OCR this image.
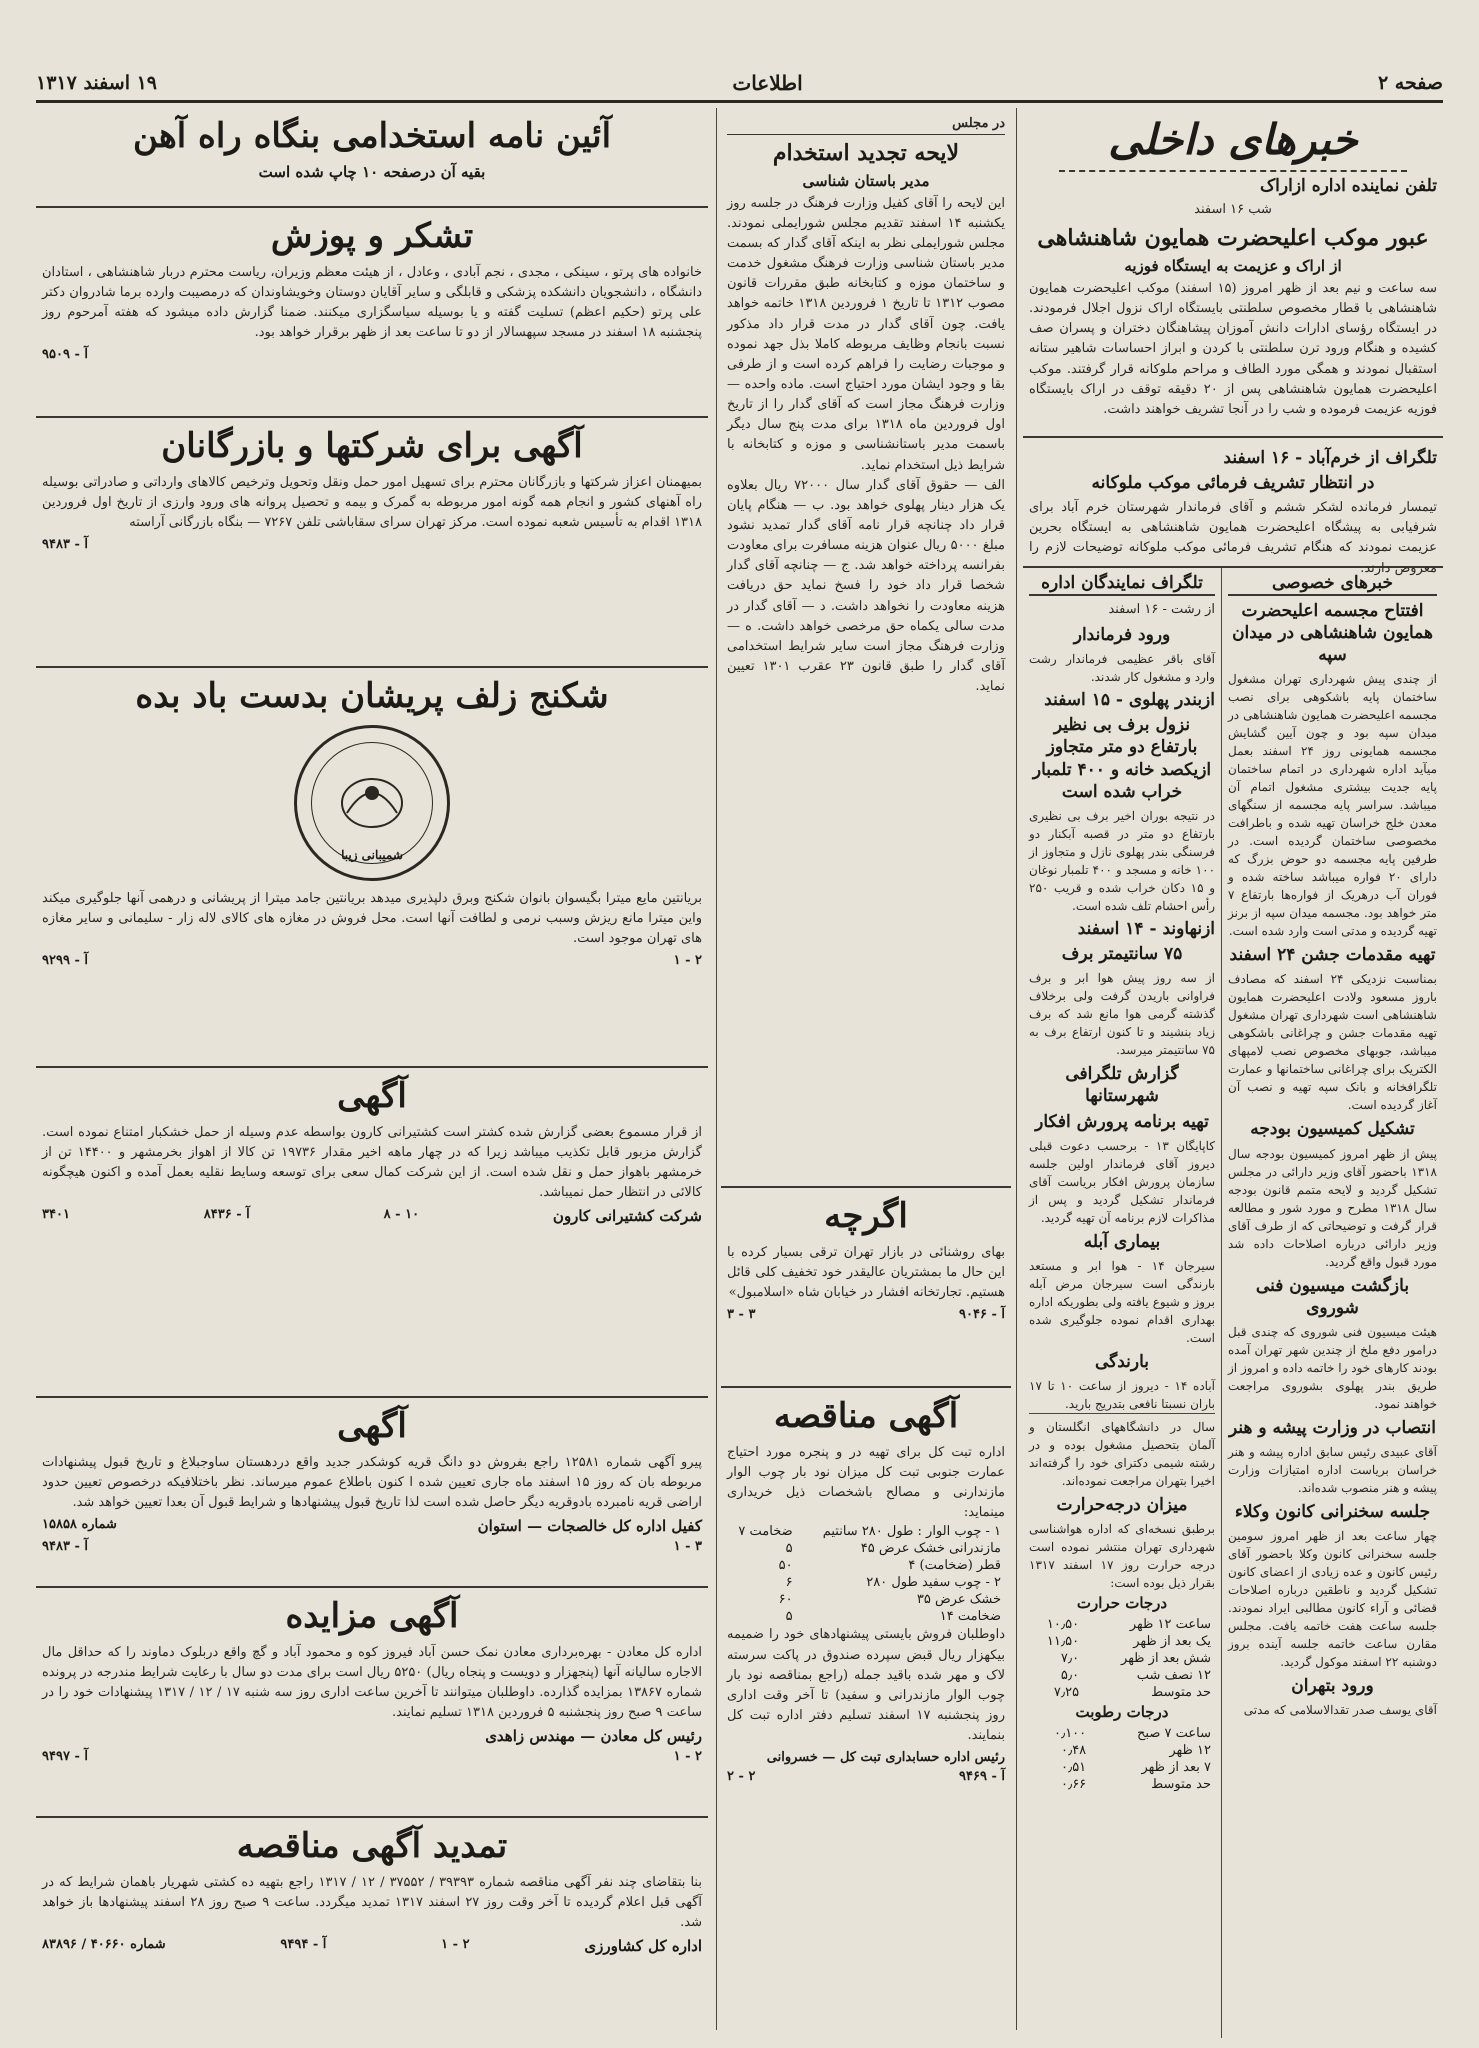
صفحه ۲
اطلاعات
۱۹ اسفند ۱۳۱۷
خبرهای داخلی
تلفن نماینده اداره ازاراک
شب ۱۶ اسفند
عبور موکب اعلیحضرت همایون شاهنشاهی
از اراک و عزیمت به ایستگاه فوزیه

سه ساعت و نیم بعد از ظهر امروز (۱۵ اسفند) موکب اعلیحضرت همایون شاهنشاهی با قطار مخصوص سلطنتی بایستگاه اراک نزول اجلال فرمودند. در ایستگاه رؤسای ادارات دانش آموزان پیشاهنگان دختران و پسران صف کشیده و هنگام ورود ترن سلطنتی با کردن و ابراز احساسات شاهیر ستانه استقبال نمودند و همگی مورد الطاف و مراحم ملوکانه قرار گرفتند. موکب اعلیحضرت همایون شاهنشاهی پس از ۲۰ دقیقه توقف در اراک بایستگاه فوزیه عزیمت فرموده و شب را در آنجا تشریف خواهند داشت.

تلگراف از خرم‌آباد - ۱۶ اسفند
در انتظار تشریف فرمائی موکب ملوکانه

تیمسار فرمانده لشکر ششم و آقای فرماندار شهرستان خرم آباد برای شرفیابی به پیشگاه اعلیحضرت همایون شاهنشاهی به ایستگاه بحرین عزیمت نمودند که هنگام تشریف فرمائی موکب ملوکانه توضیحات لازم را معروض دارند.

خبرهای خصوصی
افتتاح مجسمه اعلیحضرت همایون شاهنشاهی در میدان سپه

از چندی پیش شهرداری تهران مشغول ساختمان پایه باشکوهی برای نصب مجسمه اعلیحضرت همایون شاهنشاهی در میدان سپه بود و چون آیین گشایش مجسمه همایونی روز ۲۴ اسفند بعمل میآید اداره شهرداری در اتمام ساختمان پایه جدیت بیشتری مشغول اتمام آن میباشد. سراسر پایه مجسمه از سنگهای معدن خلج خراسان تهیه شده و باطرافت مخصوصی ساختمان گردیده است. در طرفین پایه مجسمه دو حوض بزرگ که دارای ۲۰ فواره میباشد ساخته شده و فوران آب درهریک از فواره‌ها بارتفاع ۷ متر خواهد بود. مجسمه میدان سپه از برنز تهیه گردیده و مدتی است وارد شده است.

تهیه مقدمات جشن ۲۴ اسفند

بمناسبت نزدیکی ۲۴ اسفند که مصادف باروز مسعود ولادت اعلیحضرت همایون شاهنشاهی است شهرداری تهران مشغول تهیه مقدمات جشن و چراغانی باشکوهی میباشد، جوبهای مخصوص نصب لامپهای الکتریک برای چراغانی ساختمانها و عمارت تلگرافخانه و بانک سپه تهیه و نصب آن آغاز گردیده است.

تشکیل کمیسیون بودجه

پیش از ظهر امروز کمیسیون بودجه سال ۱۳۱۸ باحضور آقای وزیر دارائی در مجلس تشکیل گردید و لایحه متمم قانون بودجه سال ۱۳۱۸ مطرح و مورد شور و مطالعه قرار گرفت و توضیحاتی که از طرف آقای وزیر دارائی درباره اصلاحات داده شد مورد قبول واقع گردید.

بازگشت میسیون فنی شوروی

هیئت میسیون فنی شوروی که چندی قبل درامور دفع ملخ از چندین شهر تهران آمده بودند کارهای خود را خاتمه داده و امروز از طریق بندر پهلوی بشوروی مراجعت خواهند نمود.

انتصاب در وزارت پیشه و هنر

آقای عبیدی رئیس سابق اداره پیشه و هنر خراسان بریاست اداره امتیازات وزارت پیشه و هنر منصوب شده‌اند.

جلسه سخنرانی کانون وکلاء

چهار ساعت بعد از ظهر امروز سومین جلسه سخنرانی کانون وکلا باحضور آقای رئیس کانون و عده زیادی از اعضای کانون تشکیل گردید و ناطقین درباره اصلاحات قضائی و آراء کانون مطالبی ایراد نمودند. جلسه ساعت هفت خاتمه یافت. مجلس مقارن ساعت خاتمه جلسه آینده بروز دوشنبه ۲۲ اسفند موکول گردید.

ورود بتهران

آقای یوسف صدر تقدالاسلامی که مدتی

تلگراف نمایندگان اداره
از رشت - ۱۶ اسفند
ورود فرماندار

آقای باقر عظیمی فرماندار رشت وارد و مشغول کار شدند.

ازبندر پهلوی - ۱۵ اسفند
نزول برف بی نظیر بارتفاع دو متر متجاوز ازیکصد خانه و ۴۰۰ تلمبار خراب شده است

در نتیجه بوران اخیر برف بی نظیری بارتفاع دو متر در قصبه آبکنار دو فرسنگی بندر پهلوی نازل و متجاوز از ۱۰۰ خانه و مسجد و ۴۰۰ تلمبار نوغان و ۱۵ دکان خراب شده و قریب ۲۵۰ رأس احشام تلف شده است.

ازنهاوند - ۱۴ اسفند
۷۵ سانتیمتر برف

از سه روز پیش هوا ابر و برف فراوانی باریدن گرفت ولی برخلاف گذشته گرمی هوا مانع شد که برف زیاد بنشیند و تا کنون ارتفاع برف به ۷۵ سانتیمتر میرسد.

گزارش تلگرافی شهرستانها
تهیه برنامه پرورش افکار

کاپایگان ۱۳ - برحسب دعوت قبلی دیروز آقای فرماندار اولین جلسه سازمان پرورش افکار بریاست آقای فرماندار تشکیل گردید و پس از مذاکرات لازم برنامه آن تهیه گردید.

بیماری آبله

سیرجان ۱۴ - هوا ابر و مستعد بارندگی است سیرجان مرض آبله بروز و شیوع یافته ولی بطوریکه اداره بهداری اقدام نموده جلوگیری شده است.

بارندگی

آباده ۱۴ - دیروز از ساعت ۱۰ تا ۱۷ باران نسبتا نافعی بتدریج بارید.

سال در دانشگاههای انگلستان و آلمان بتحصیل مشغول بوده و در رشته شیمی دکترای خود را گرفته‌اند اخیرا بتهران مراجعت نموده‌اند.

میزان درجه‌حرارت

برطبق نسخه‌ای که اداره هواشناسی شهرداری تهران منتشر نموده است درجه حرارت روز ۱۷ اسفند ۱۳۱۷ بقرار ذیل بوده است:

درجات حرارت
ساعت ۱۲ ظهر	۱۰٫۵۰
یک بعد از ظهر	۱۱٫۵۰
شش بعد از ظهر	۷٫۰
۱۲ نصف شب	۵٫۰
حد متوسط	۷٫۲۵
درجات رطوبت
ساعت ۷ صبح	۰٫۱۰۰
۱۲ ظهر	۰٫۴۸
۷ بعد از ظهر	۰٫۵۱
حد متوسط	۰٫۶۶
در مجلس
لایحه تجدید استخدام
مدیر باستان شناسی

این لایحه را آقای کفیل وزارت فرهنگ در جلسه روز یکشنبه ۱۴ اسفند تقدیم مجلس شورایملی نمودند. مجلس شورایملی نظر به اینکه آقای گدار که بسمت مدیر باستان شناسی وزارت فرهنگ مشغول خدمت و ساختمان موزه و کتابخانه طبق مقررات قانون مصوب ۱۳۱۲ تا تاریخ ۱ فروردین ۱۳۱۸ خاتمه خواهد یافت. چون آقای گدار در مدت قرار داد مذکور نسبت بانجام وظایف مربوطه کاملا بذل جهد نموده و موجبات رضایت را فراهم کرده است و از طرفی بقا و وجود ایشان مورد احتیاج است. ماده واحده — وزارت فرهنگ مجاز است که آقای گدار را از تاریخ اول فروردین ماه ۱۳۱۸ برای مدت پنج سال دیگر باسمت مدیر باستانشناسی و موزه و کتابخانه با شرایط ذیل استخدام نماید.

الف — حقوق آقای گدار سال ۷۲۰۰۰ ریال بعلاوه یک هزار دینار پهلوی خواهد بود. ب — هنگام پایان قرار داد چنانچه قرار نامه آقای گدار تمدید نشود مبلغ ۵۰۰۰ ریال عنوان هزینه مسافرت برای معاودت بفرانسه پرداخته خواهد شد. ج — چنانچه آقای گدار شخصا قرار داد خود را فسخ نماید حق دریافت هزینه معاودت را نخواهد داشت. د — آقای گدار در مدت سالی یکماه حق مرخصی خواهد داشت. ه — وزارت فرهنگ مجاز است سایر شرایط استخدامی آقای گدار را طبق قانون ۲۳ عقرب ۱۳۰۱ تعیین نماید.

اگرچه

بهای روشنائی در بازار تهران ترقی بسیار کرده با این حال ما بمشتریان عالیقدر خود تخفیف کلی قائل هستیم. تجارتخانه افشار در خیابان شاه «اسلامبول»

آ - ۹۰۴۶
۳ - ۳
آگهی مناقصه

اداره تبت کل برای تهیه در و پنجره مورد احتیاج عمارت جنوبی تبت کل میزان نود بار چوب الوار مازندارنی و مصالح باشخصات ذیل خریداری مینماید:

۱ - چوب الوار : طول ۲۸۰ سانتیم	ضخامت ۷
مازندرانی خشک عرض ۴۵	۵
قطر (ضخامت) ۴	۵۰
۲ - چوب سفید طول ۲۸۰	۶
خشک عرض ۳۵	۶۰
ضخامت ۱۴	۵

داوطلبان فروش بایستی پیشنهادهای خود را ضمیمه بیکهزار ریال قبض سپرده صندوق در پاکت سرسته لاک و مهر شده باقید جمله (راجع بمناقصه نود بار چوب الوار مازندرانی و سفید) تا آخر وقت اداری روز پنجشنبه ۱۷ اسفند تسلیم دفتر اداره تبت کل بنمایند.

رئیس اداره حسابداری تبت کل — خسروانی
آ - ۹۴۶۹
۲ - ۲
آئین نامه استخدامی بنگاه راه آهن
بقیه آن درصفحه ۱۰ چاپ شده است
تشکر و پوزش

خانواده های پرتو ، سینکی ، مجدی ، نجم آبادی ، وعادل ، از هیئت معظم وزیران، ریاست محترم دربار شاهنشاهی ، استادان دانشگاه ، دانشجویان دانشکده پزشکی و قابلگی و سایر آقایان دوستان وخویشاوندان که درمصیبت وارده برما شادروان دکتر علی پرتو (حکیم اعظم) تسلیت گفته و یا بوسیله سیاسگزاری میکنند. ضمنا گزارش داده میشود که هفته آمرحوم روز پنجشنبه ۱۸ اسفند در مسجد سپهسالار از دو تا ساعت بعد از ظهر برقرار خواهد بود.

آ - ۹۵۰۹
آگهی برای شرکتها و بازرگانان

بمیهمنان اعزاز شرکتها و بازرگانان محترم برای تسهیل امور حمل ونقل وتحویل وترخیص کالاهای وارداتی و صادراتی بوسیله راه آهنهای کشور و انجام همه گونه امور مربوطه به گمرک و بیمه و تحصیل پروانه های ورود وارزی از تاریخ اول فروردین ۱۳۱۸ اقدام به تأسیس شعبه نموده است. مرکز تهران سرای سقاباشی تلفن ۷۲۶۷ — بنگاه بازرگانی آراسته

آ - ۹۴۸۳
شکنج زلف پریشان بدست باد بده
شمیبانی زیبا

بریانتین مایع میترا بگیسوان بانوان شکنج وبرق دلپذیری میدهد بریانتین جامد میترا از پریشانی و درهمی آنها جلوگیری میکند واین میترا مانع ریزش وسبب نرمی و لطافت آنها است. محل فروش در مغازه های کالای لاله زار - سلیمانی و سایر مغازه های تهران موجود است.

۲ - ۱
آ - ۹۲۹۹
آگهی

از قرار مسموع بعضی گزارش شده کشتر است کشتیرانی کارون بواسطه عدم وسیله از حمل خشکبار امتناع نموده است. گزارش مزبور قابل تکذیب میباشد زیرا که در چهار ماهه اخیر مقدار ۱۹۷۳۶ تن کالا از اهواز بخرمشهر و ۱۴۴۰۰ تن از خرمشهر باهواز حمل و نقل شده است. از این شرکت کمال سعی برای توسعه وسایط نقلیه بعمل آمده و اکنون هیچگونه کالائی در انتظار حمل نمیباشد.

شرکت کشتیرانی کارون
۱۰ - ۸
آ - ۸۴۳۶
۳۴۰۱
آگهی

پیرو آگهی شماره ۱۲۵۸۱ راجع بفروش دو دانگ قریه کوشکدر جدید واقع دردهستان ساوجبلاغ و تاریخ قبول پیشنهادات مربوطه بان که روز ۱۵ اسفند ماه جاری تعیین شده ا کنون باطلاع عموم میرساند. نظر باختلافیکه درخصوص تعیین حدود اراضی قریه نامبرده بادوقریه دیگر حاصل شده است لذا تاریخ قبول پیشنهادها و شرایط قبول آن بعدا تعیین خواهد شد.

کفیل اداره کل خالصجات — استوان
شماره ۱۵۸۵۸
۳ - ۱
آ - ۹۴۸۳
آگهی مزایده

اداره کل معادن - بهره‌برداری معادن نمک حسن آباد فیروز کوه و محمود آباد و گچ واقع دربلوک دماوند را که حداقل مال الاجاره سالیانه آنها (پنجهزار و دویست و پنجاه ریال) ۵۲۵۰ ریال است برای مدت دو سال با رعایت شرایط مندرجه در پرونده شماره ۱۳۸۶۷ بمزایده گذارده. داوطلبان میتوانند تا آخرین ساعت اداری روز سه شنبه ۱۷ / ۱۲ / ۱۳۱۷ پیشنهادات خود را در ساعت ۹ صبح روز پنجشنبه ۵ فروردین ۱۳۱۸ تسلیم نمایند.

رئیس کل معادن — مهندس زاهدی
۲ - ۱
آ - ۹۴۹۷
تمدید آگهی مناقصه

بنا بتقاضای چند نفر آگهی مناقصه شماره ۳۹۳۹۳ / ۳۷۵۵۲ / ۱۲ / ۱۳۱۷ راجع بتهیه ده کشتی شهریار باهمان شرایط که در آگهی قبل اعلام گردیده تا آخر وقت روز ۲۷ اسفند ۱۳۱۷ تمدید میگردد. ساعت ۹ صبح روز ۲۸ اسفند پیشنهادها باز خواهد شد.

اداره کل کشاورزی
۲ - ۱
آ - ۹۴۹۴
شماره ۴۰۶۶۰ / ۸۳۸۹۶
